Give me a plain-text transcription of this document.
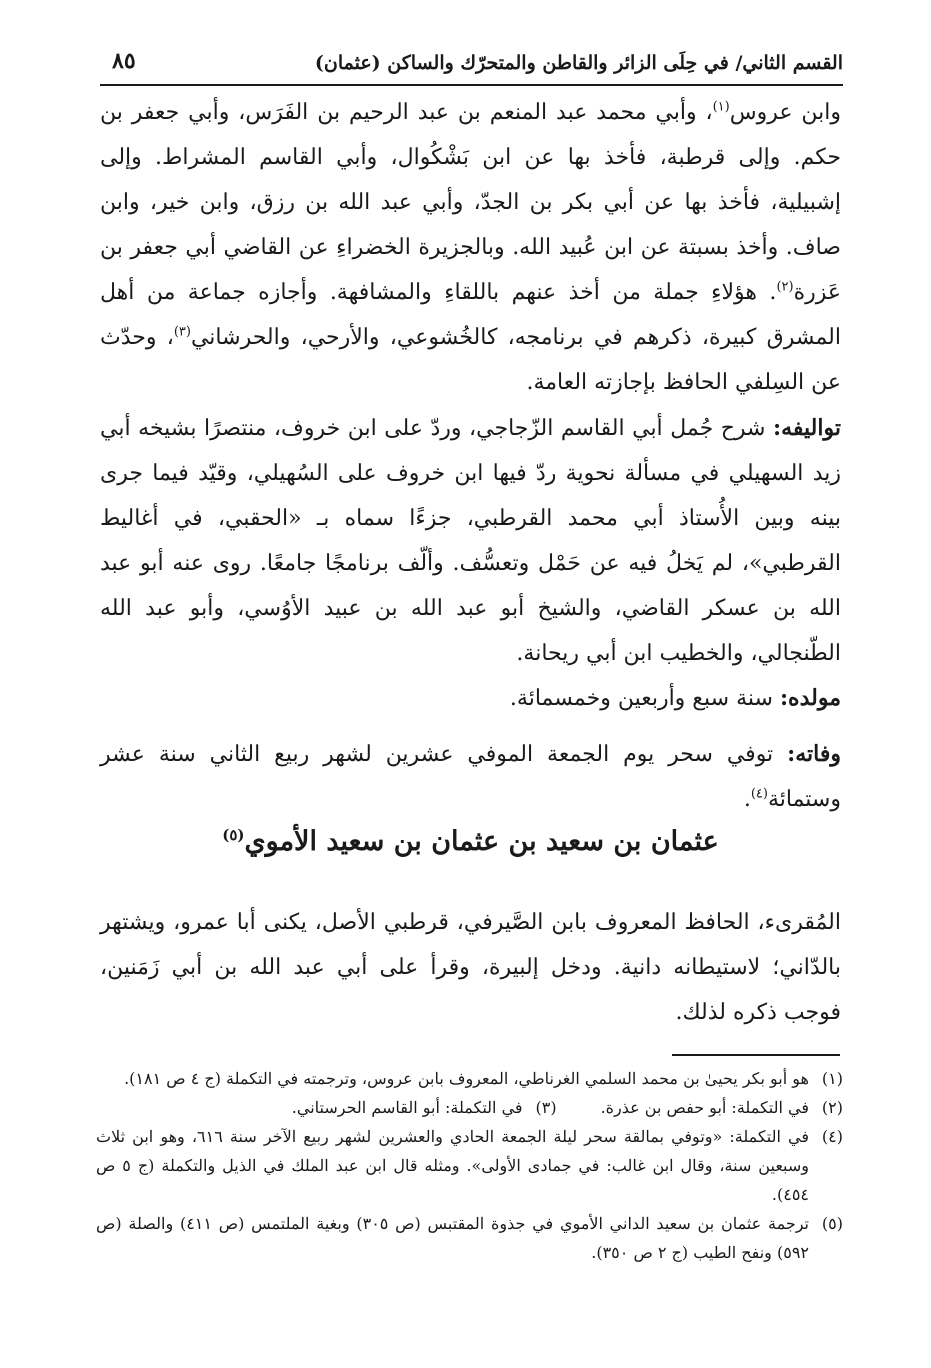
القسم الثاني/ في حِلَى الزائر والقاطن والمتحرّك والساكن (عثمان)
٨٥

وابن عروس$^{(١)}$، وأبي محمد عبد المنعم بن عبد الرحيم بن الفَرَس، وأبي جعفر بن حكم. وإلى قرطبة، فأخذ بها عن ابن بَشْكُوال، وأبي القاسم المشراط. وإلى إشبيلية، فأخذ بها عن أبي بكر بن الجدّ، وأبي عبد الله بن رزق، وابن خير، وابن صاف. وأخذ بسبتة عن ابن عُبيد الله. وبالجزيرة الخضراءِ عن القاضي أبي جعفر بن عَزرة$^{(٢)}$. هؤلاءِ جملة من أخذ عنهم باللقاءِ والمشافهة. وأجازه جماعة من أهل المشرق كبيرة، ذكرهم في برنامجه، كالخُشوعي، والأرحي، والحرشاني$^{(٣)}$، وحدّث عن السِلفي الحافظ بإجازته العامة.

تواليفه: شرح جُمل أبي القاسم الزّجاجي، وردّ على ابن خروف، منتصرًا بشيخه أبي زيد السهيلي في مسألة نحوية ردّ فيها ابن خروف على السُهيلي، وقيّد فيما جرى بينه وبين الأُستاذ أبي محمد القرطبي، جزءًا سماه بـ «الحقبي، في أغاليط القرطبي»، لم يَخلُ فيه عن حَمْل وتعسُّف. وألّف برنامجًا جامعًا. روى عنه أبو عبد الله بن عسكر القاضي، والشيخ أبو عبد الله بن عبيد الأوُسي، وأبو عبد الله الطّنجالي، والخطيب ابن أبي ريحانة.

مولده: سنة سبع وأربعين وخمسمائة.

وفاته: توفي سحر يوم الجمعة الموفي عشرين لشهر ربيع الثاني سنة عشر وستمائة$^{(٤)}$.

عثمان بن سعيد بن عثمان بن سعيد الأموي$^{(٥)}$

المُقرىء، الحافظ المعروف بابن الصَّيرفي، قرطبي الأصل، يكنى أبا عمرو، ويشتهر بالدّاني؛ لاستيطانه دانية. ودخل إلبيرة، وقرأ على أبي عبد الله بن أبي زَمَنين، فوجب ذكره لذلك.

(١)
هو أبو بكر يحيىٰ بن محمد السلمي الغرناطي، المعروف بابن عروس، وترجمته في التكملة (ج ٤ ص ١٨١).
(٢)
في التكملة: أبو حفص بن عذرة.
(٣)
في التكملة: أبو القاسم الحرستاني.
(٤)
في التكملة: «وتوفي بمالقة سحر ليلة الجمعة الحادي والعشرين لشهر ربيع الآخر سنة ٦١٦، وهو ابن ثلاث وسبعين سنة، وقال ابن غالب: في جمادى الأولى». ومثله قال ابن عبد الملك في الذيل والتكملة (ج ٥ ص ٤٥٤).
(٥)
ترجمة عثمان بن سعيد الداني الأموي في جذوة المقتبس (ص ٣٠٥) وبغية الملتمس (ص ٤١١) والصلة (ص ٥٩٢) ونفح الطيب (ج ٢ ص ٣٥٠).
